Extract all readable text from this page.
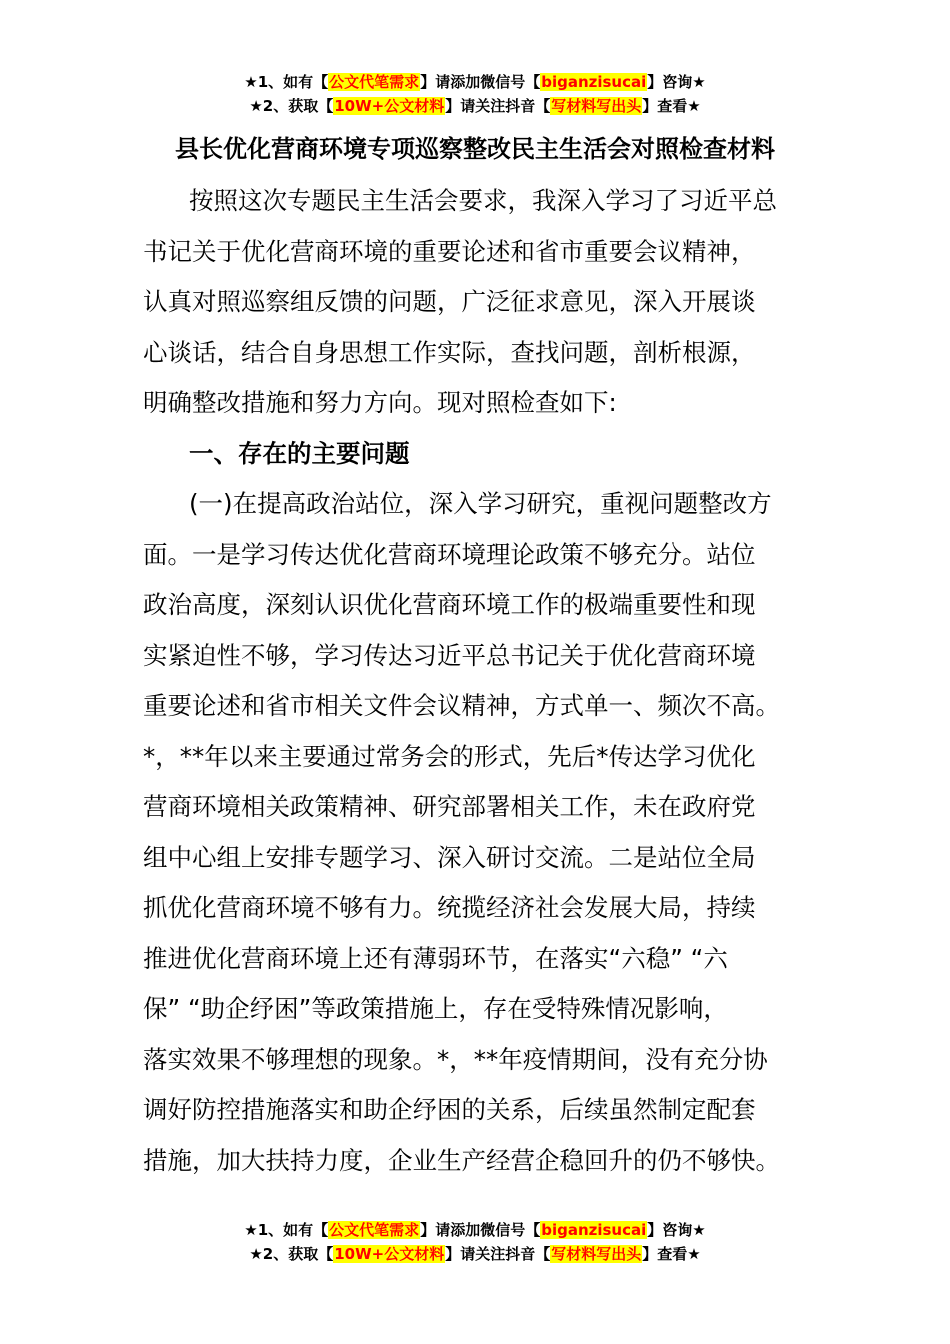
★1、如有【公文代笔需求】请添加微信号【biganzisucai】咨询★
★2、获取【10W+公文材料】请关注抖音【写材料写出头】查看★
县长优化营商环境专项巡察整改民主生活会对照检查材料
按照这次专题民主生活会要求，我深入学习了习近平总
书记关于优化营商环境的重要论述和省市重要会议精神，
认真对照巡察组反馈的问题，广泛征求意见，深入开展谈
心谈话，结合自身思想工作实际，查找问题，剖析根源，
明确整改措施和努力方向。现对照检查如下:
一、存在的主要问题
(一)在提高政治站位，深入学习研究，重视问题整改方
面。一是学习传达优化营商环境理论政策不够充分。站位
政治高度，深刻认识优化营商环境工作的极端重要性和现
实紧迫性不够，学习传达习近平总书记关于优化营商环境
重要论述和省市相关文件会议精神，方式单一、频次不高。
*，**年以来主要通过常务会的形式，先后*传达学习优化
营商环境相关政策精神、研究部署相关工作，未在政府党
组中心组上安排专题学习、深入研讨交流。二是站位全局
抓优化营商环境不够有力。统揽经济社会发展大局，持续
推进优化营商环境上还有薄弱环节，在落实“六稳” “六
保” “助企纾困”等政策措施上，存在受特殊情况影响，
落实效果不够理想的现象。*，**年疫情期间，没有充分协
调好防控措施落实和助企纾困的关系，后续虽然制定配套
措施，加大扶持力度，企业生产经营企稳回升的仍不够快。
★1、如有【公文代笔需求】请添加微信号【biganzisucai】咨询★
★2、获取【10W+公文材料】请关注抖音【写材料写出头】查看★
